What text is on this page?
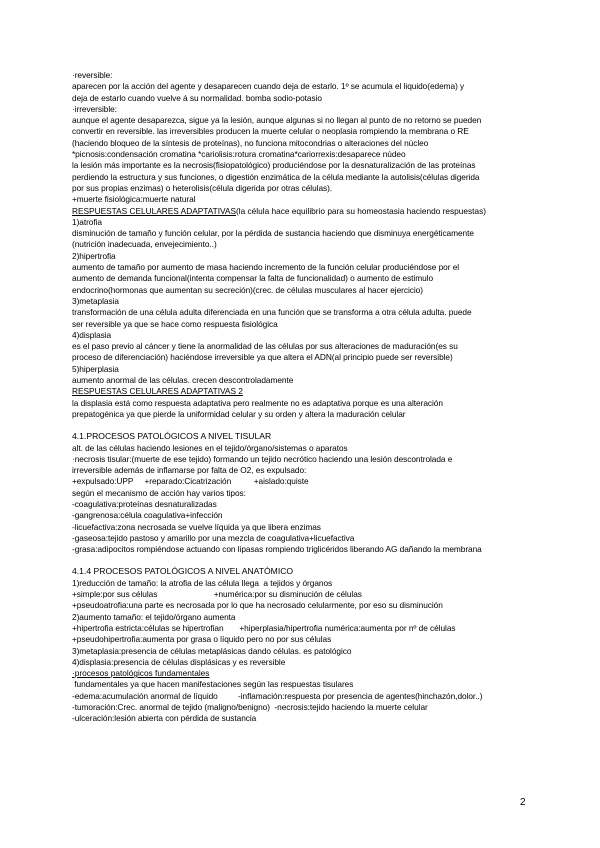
·reversible:

aparecen por la acción del agente y desaparecen cuando deja de estarlo. 1º se acumula el liquido(edema) y

deja de estarlo cuando vuelve á su normalidad. bomba sodio-potasio

·irreversible:

aunque el agente desaparezca, sigue ya la lesión, aunque algunas si no llegan al punto de no retorno se pueden

convertir en reversible. las irreversibles producen la muerte celular o neoplasia rompiendo la membrana o RE

(haciendo bloqueo de la síntesis de proteínas), no funciona mitocondrias o alteraciones del núcleo

*picnosis:condensación cromatina *cariolisis:rotura cromatina*cariorrexis:desaparece núdeo

la lesión más importante es la necrosis(fisiopatológico) produciéndose por la desnaturalización de las proteínas

perdiendo la estructura y sus funciones, o digestión enzimática de la célula mediante la autolisis(células digerida

por sus propias enzimas) o heterolisis(célula digerida por otras células).

+muerte fisiológica:muerte natural

RESPUESTAS CELULARES ADAPTATIVAS(la célula hace equilibrio para su homeostasia haciendo respuestas)

1)atrofia

disminución de tamaño y función celular, por la pérdida de sustancia haciendo que disminuya energéticamente

(nutrición inadecuada, envejecimiento..)

2)hipertrofia

aumento de tamaño por aumento de masa haciendo incremento de la función celular produciéndose por el

aumento de demanda funcional(intenta compensar la falta de funcionalidad) o aumento de estimulo

endocrino(hormonas que aumentan su secreción)(crec. de células musculares al hacer ejercicio)

3)metaplasia

transformación de una célula adulta diferenciada en una función que se transforma a otra célula adulta. puede

ser reversible ya que se hace como respuesta fisiológica

4)displasia

es el paso previo al cáncer y tiene la anormalidad de las células por sus alteraciones de maduración(es su

proceso de diferenciación) haciéndose irreversible ya que altera el ADN(al principio puede ser reversible)

5)hiperplasia

aumento anormal de las células. crecen descontroladamente

RESPUESTAS CELULARES ADAPTATIVAS 2

la displasia está como respuesta adaptativa pero realmente no es adaptativa porque es una alteración

prepatogénica ya que pierde la uniformidad celular y su orden y altera la maduración celular

4.1.PROCESOS PATOLÓGICOS A NIVEL TISULAR

alt. de las células haciendo lesiones en el tejido/órgano/sistemas o aparatos

·necrosis tisular:(muerte de ese tejido) formando un tejido necrótico haciendo una lesión descontrolada e

irreversible además de inflamarse por falta de O2, es expulsado:

+expulsado:UPP     +reparado:Cicatrización          +aislado:quiste

según el mecanismo de acción hay varios tipos:

-coagulativa:proteínas desnaturalizadas

-gangrenosa:célula coagulativa+infección

-licuefactiva:zona necrosada se vuelve líquida ya que libera enzimas

-gaseosa:tejido pastoso y amarillo por una mezcla de coagulativa+licuefactiva

-grasa:adipocitos rompiéndose actuando con lipasas rompiendo triglicéridos liberando AG dañando la membrana

4.1.4 PROCESOS PATOLÓGICOS A NIVEL ANATÓMICO

1)reducción de tamaño: la atrofia de las célula llega  a tejidos y órganos

+simple:por sus células                         +numérica:por su disminución de células

+pseudoatrofia:una parte es necrosada por lo que ha necrosado celularmente, por eso su disminución

2)aumento tamaño: el tejido/órgano aumenta

+hipertrofia estricta:células se hipertrofian       +hiperplasia/hipertrofia numérica:aumenta por nº de células

+pseudohipertrofia:aumenta por grasa o líquido pero no por sus células

3)metaplasia:presencia de células metaplásicas dando células. es patológico

4)displasia:presencia de células displásicas y es reversible

·procesos patológicos fundamentales

fundamentales ya que hacen manifestaciones según las respuestas tisulares

-edema:acumulación anormal de líquido         -inflamación:respuesta por presencia de agentes(hinchazón,dolor..)

-tumoración:Crec. anormal de tejido (maligno/benigno)  -necrosis:tejido haciendo la muerte celular

-ulceración:lesión abierta con pérdida de sustancia

2
